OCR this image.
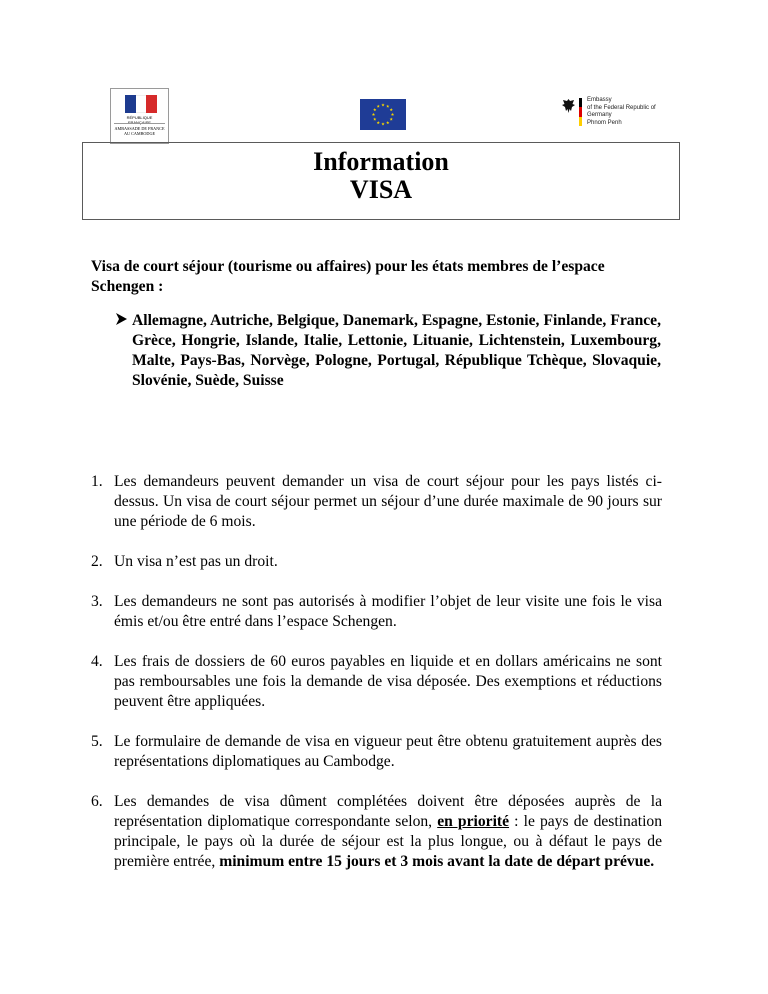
RÉPUBLIQUE FRANÇAISE
AMBASSADE DE FRANCE
AU CAMBODGE
Embassy
of the Federal Republic of Germany
Phnom Penh
Information
VISA
Visa de court séjour (tourisme ou affaires) pour les états membres de l’espace Schengen :
Allemagne, Autriche, Belgique, Danemark, Espagne, Estonie, Finlande, France, Grèce, Hongrie, Islande, Italie, Lettonie, Lituanie, Lichtenstein, Luxembourg, Malte, Pays-Bas, Norvège, Pologne, Portugal, République Tchèque, Slovaquie, Slovénie, Suède, Suisse
1. Les demandeurs peuvent demander un visa de court séjour pour les pays listés ci-dessus. Un visa de court séjour permet un séjour d’une durée maximale de 90 jours sur une période de 6 mois.
2. Un visa n’est pas un droit.
3. Les demandeurs ne sont pas autorisés à modifier l’objet de leur visite une fois le visa émis et/ou être entré dans l’espace Schengen.
4. Les frais de dossiers de 60 euros payables en liquide et en dollars américains ne sont pas remboursables une fois la demande de visa déposée. Des exemptions et réductions peuvent être appliquées.
5. Le formulaire de demande de visa en vigueur peut être obtenu gratuitement auprès des représentations diplomatiques au Cambodge.
6. Les demandes de visa dûment complétées doivent être déposées auprès de la représentation diplomatique correspondante selon, en priorité : le pays de destination principale, le pays où la durée de séjour est la plus longue, ou à défaut le pays de première entrée, minimum entre 15 jours et 3 mois avant la date de départ prévue.
